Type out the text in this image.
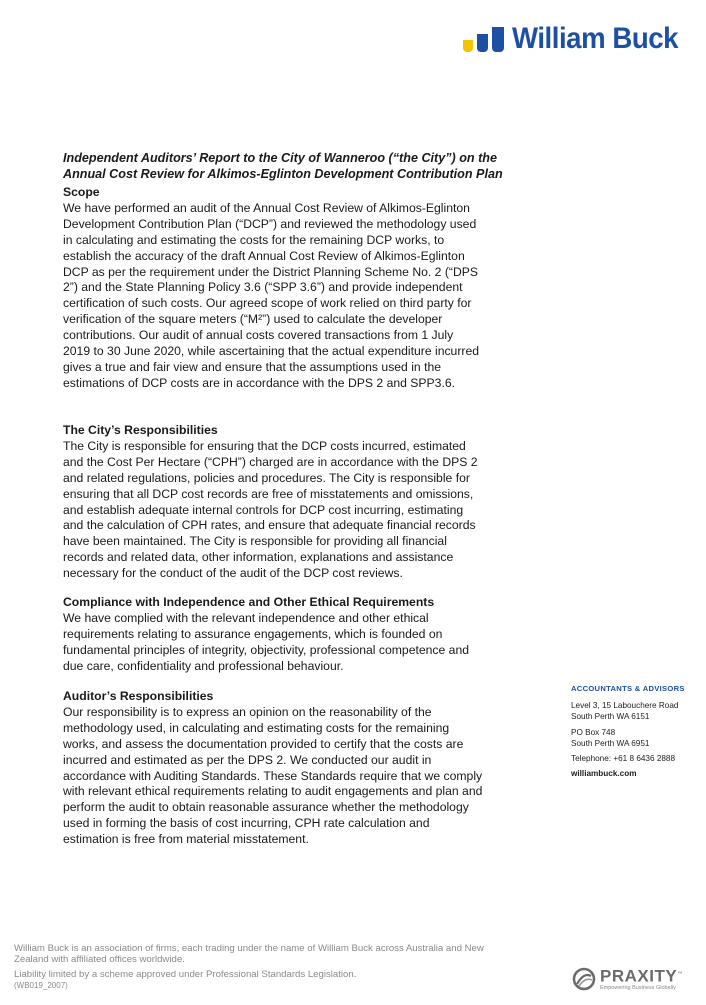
William Buck
Independent Auditors’ Report to the City of Wanneroo (“the City”) on the
Annual Cost Review for Alkimos-Eglinton Development Contribution Plan
Scope

We have performed an audit of the Annual Cost Review of Alkimos-Eglinton Development Contribution Plan (“DCP”) and reviewed the methodology used in calculating and estimating the costs for the remaining DCP works, to establish the accuracy of the draft Annual Cost Review of Alkimos-Eglinton DCP as per the requirement under the District Planning Scheme No. 2 (“DPS 2”) and the State Planning Policy 3.6 (“SPP 3.6”) and provide independent certification of such costs. Our agreed scope of work relied on third party for verification of the square meters (“M²”) used to calculate the developer contributions. Our audit of annual costs covered transactions from 1 July 2019 to 30 June 2020, while ascertaining that the actual expenditure incurred gives a true and fair view and ensure that the assumptions used in the estimations of DCP costs are in accordance with the DPS 2 and SPP3.6.

The City’s Responsibilities

The City is responsible for ensuring that the DCP costs incurred, estimated and the Cost Per Hectare (“CPH”) charged are in accordance with the DPS 2 and related regulations, policies and procedures. The City is responsible for ensuring that all DCP cost records are free of misstatements and omissions, and establish adequate internal controls for DCP cost incurring, estimating and the calculation of CPH rates, and ensure that adequate financial records have been maintained. The City is responsible for providing all financial records and related data, other information, explanations and assistance necessary for the conduct of the audit of the DCP cost reviews.

Compliance with Independence and Other Ethical Requirements

We have complied with the relevant independence and other ethical requirements relating to assurance engagements, which is founded on fundamental principles of integrity, objectivity, professional competence and due care, confidentiality and professional behaviour.

Auditor’s Responsibilities

Our responsibility is to express an opinion on the reasonability of the methodology used, in calculating and estimating costs for the remaining works, and assess the documentation provided to certify that the costs are incurred and estimated as per the DPS 2. We conducted our audit in accordance with Auditing Standards. These Standards require that we comply with relevant ethical requirements relating to audit engagements and plan and perform the audit to obtain reasonable assurance whether the methodology used in forming the basis of cost incurring, CPH rate calculation and estimation is free from material misstatement.

ACCOUNTANTS & ADVISORS
Level 3, 15 Labouchere Road
South Perth WA 6151
PO Box 748
South Perth WA 6951
Telephone: +61 8 6436 2888
williambuck.com
William Buck is an association of firms, each trading under the name of William Buck across Australia and New Zealand with affiliated offices worldwide.
Liability limited by a scheme approved under Professional Standards Legislation.
(WB019_2007)
PRAXITY™
Empowering Business Globally
